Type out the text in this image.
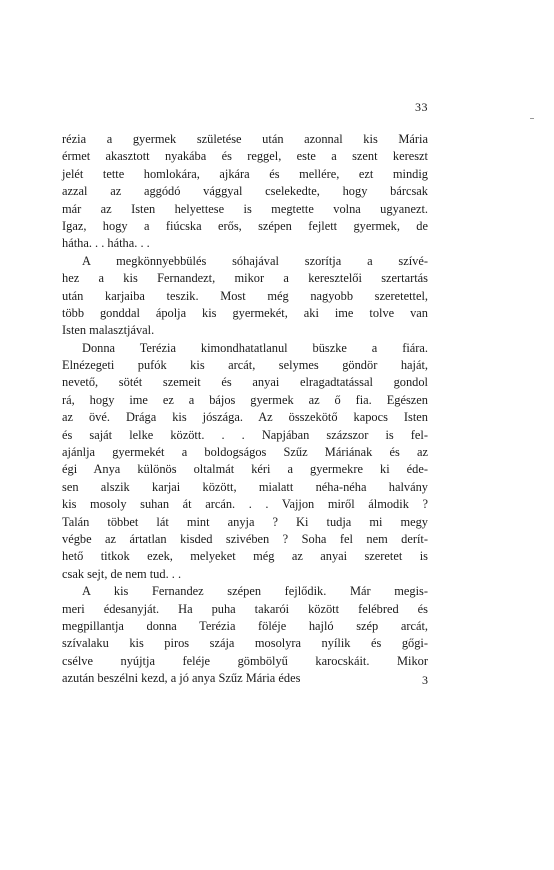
33
rézia a gyermek születése után azonnal kis Mária
érmet akasztott nyakába és reggel, este a szent kereszt
jelét tette homlokára, ajkára és mellére, ezt mindig
azzal az aggódó vággyal cselekedte, hogy bárcsak
már az Isten helyettese is megtette volna ugyanezt.
Igaz, hogy a fiúcska erős, szépen fejlett gyermek, de
hátha. . . hátha. . .
A megkönnyebbülés sóhajával szorítja a szívé-
hez a kis Fernandezt, mikor a keresztelői szertartás
után karjaiba teszik. Most még nagyobb szeretettel,
több gonddal ápolja kis gyermekét, aki ime tolve van
Isten malasztjával.
Donna Terézia kimondhatatlanul büszke a fiára.
Elnézegeti pufók kis arcát, selymes göndör haját,
nevető, sötét szemeit és anyai elragadtatással gondol
rá, hogy ime ez a bájos gyermek az ő fia. Egészen
az övé. Drága kis jószága. Az összekötő kapocs Isten
és saját lelke között. . . Napjában százszor is fel-
ajánlja gyermekét a boldogságos Szűz Máriának és az
égi Anya különös oltalmát kéri a gyermekre ki éde-
sen alszik karjai között, mialatt néha-néha halvány
kis mosoly suhan át arcán. . . Vajjon miről álmodik ?
Talán többet lát mint anyja ? Ki tudja mi megy
végbe az ártatlan kisded szivében ? Soha fel nem derít-
hető titkok ezek, melyeket még az anyai szeretet is
csak sejt, de nem tud. . .
A kis Fernandez szépen fejlődik. Már megis-
meri édesanyját. Ha puha takarói között felébred és
megpillantja donna Terézia föléje hajló szép arcát,
szívalaku kis piros szája mosolyra nyílik és gőgi-
csélve nyújtja feléje gömbölyű karocskáit. Mikor
azután beszélni kezd, a jó anya Szűz Mária édes	3
